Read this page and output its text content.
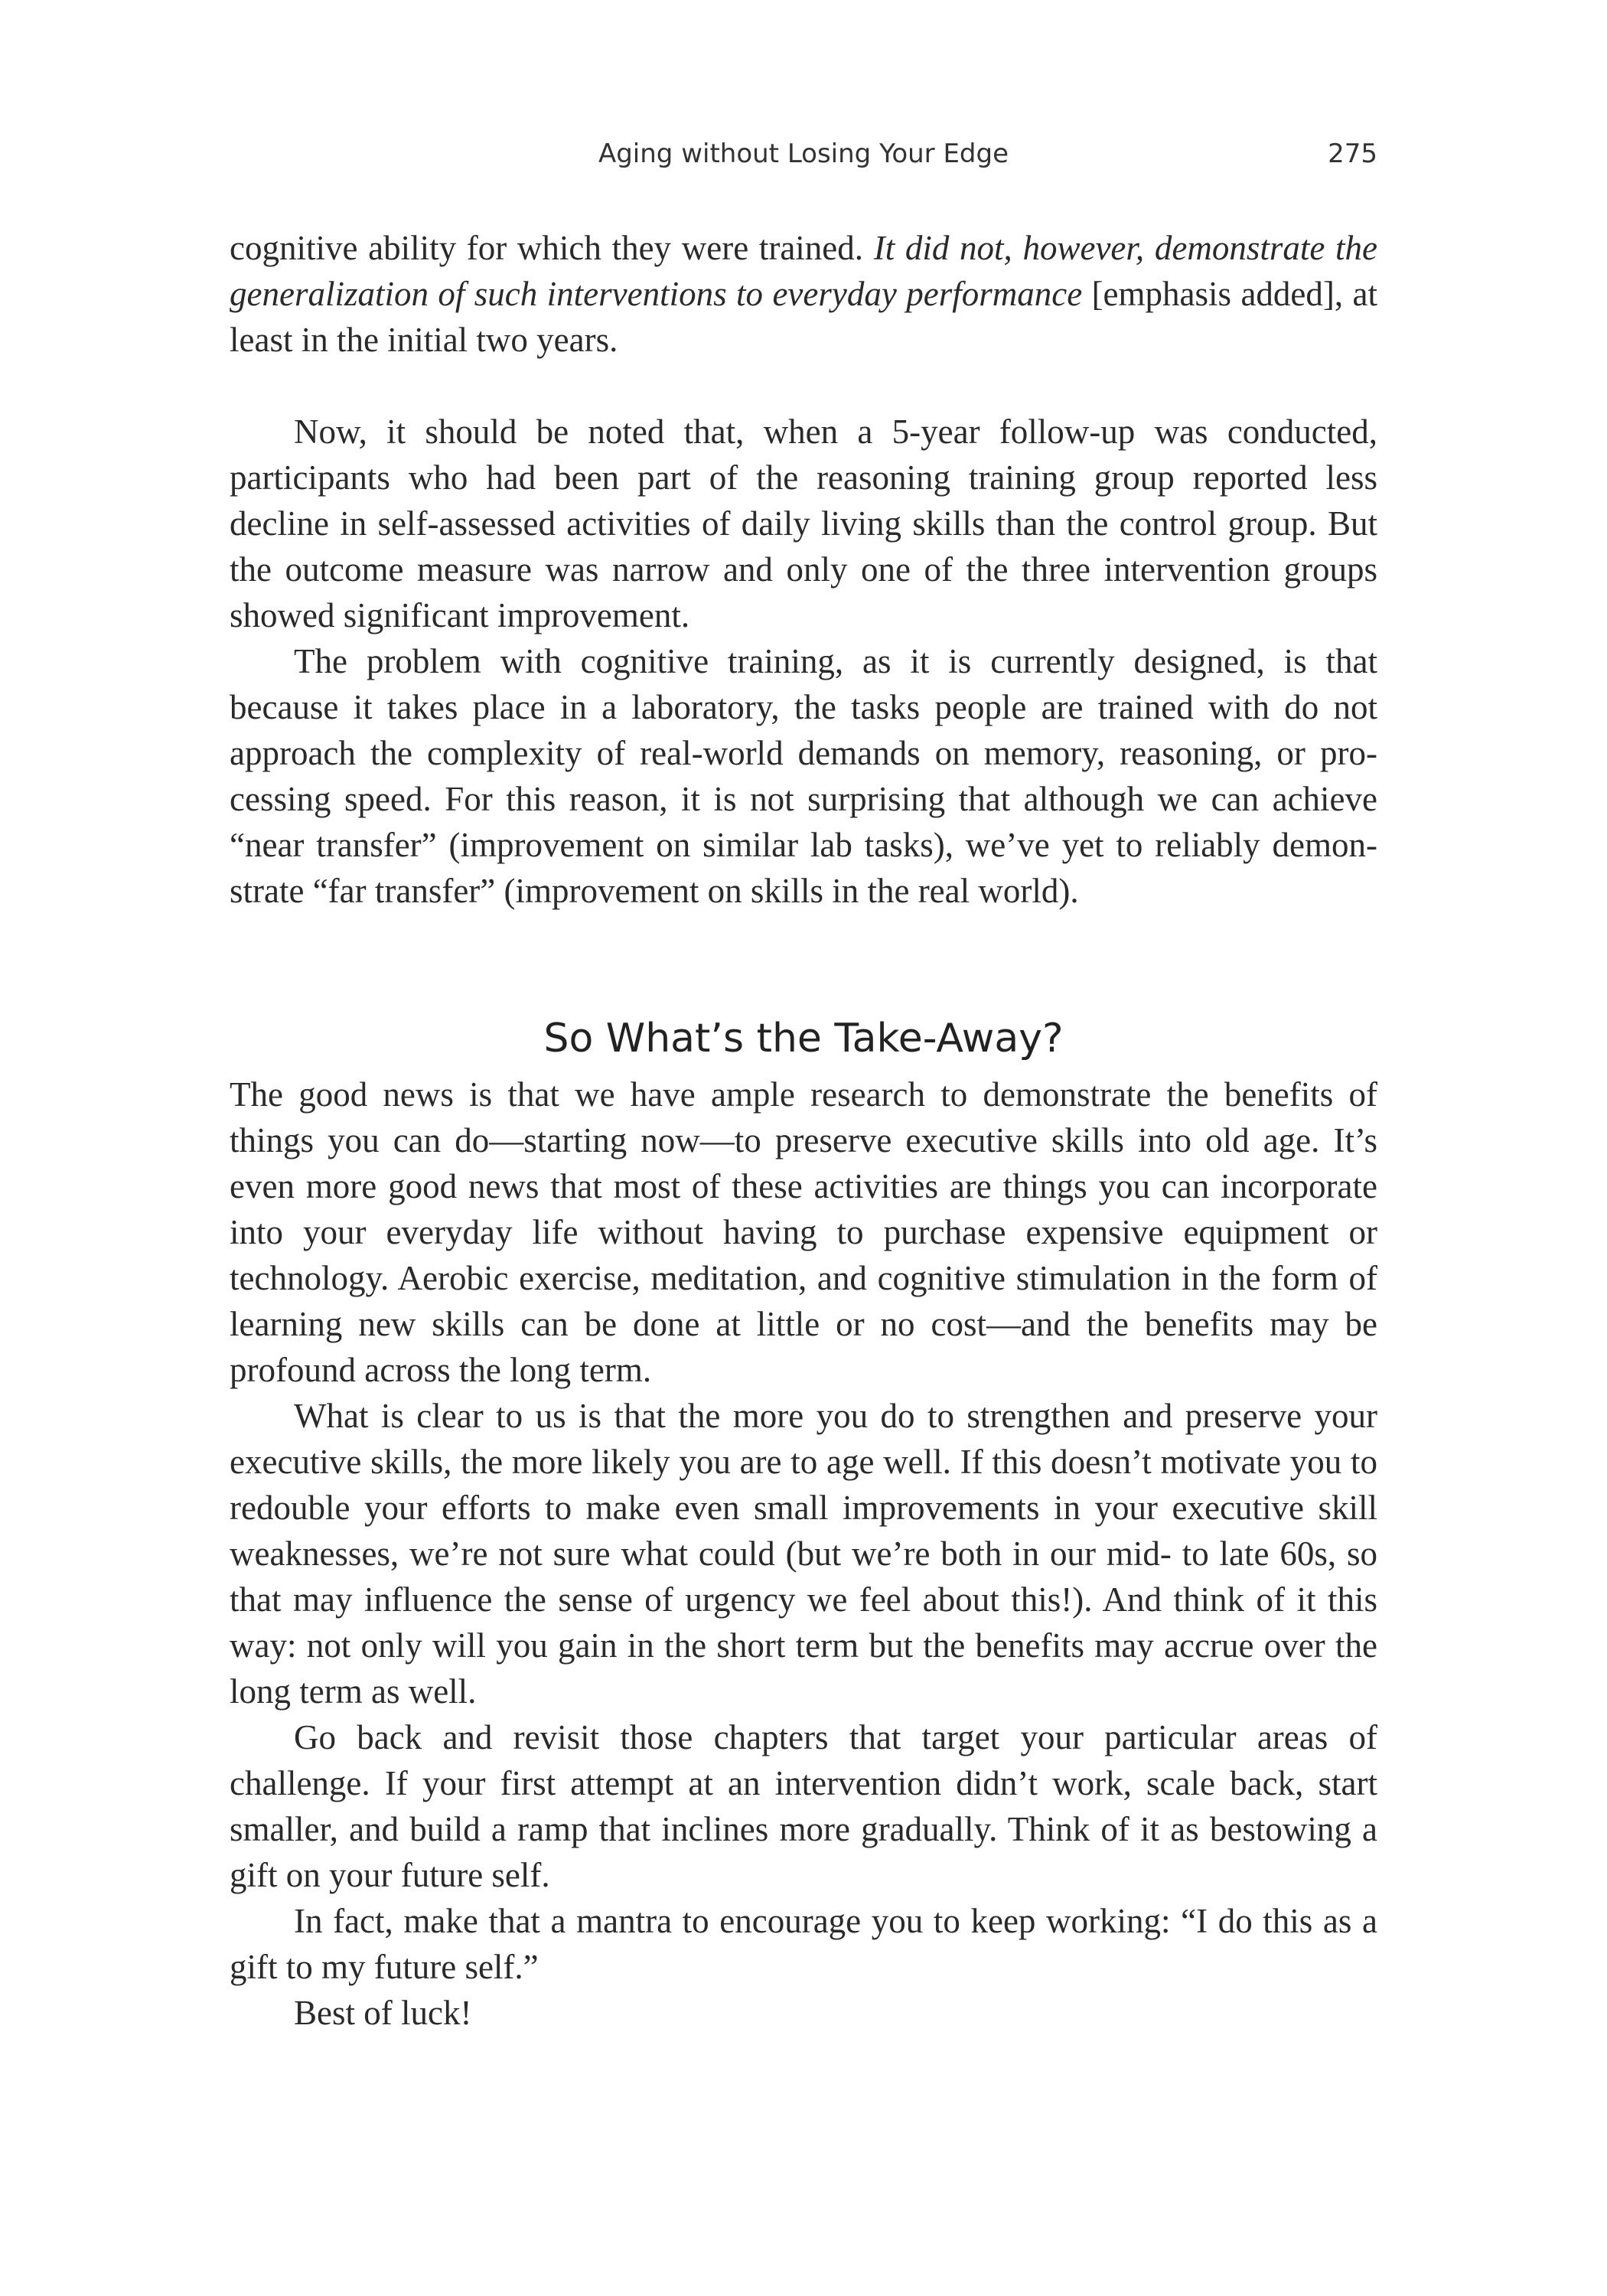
Aging without Losing Your Edge	275

cognitive ability for which they were trained. It did not, however, demonstrate the generalization of such interventions to everyday performance [emphasis added], at least in the initial two years.

Now, it should be noted that, when a 5-year follow-up was conducted, participants who had been part of the reasoning training group reported less decline in self-assessed activities of daily living skills than the control group. But the outcome measure was narrow and only one of the three intervention groups showed significant improvement.

The problem with cognitive training, as it is currently designed, is that because it takes place in a laboratory, the tasks people are trained with do not approach the complexity of real-world demands on memory, reasoning, or processing speed. For this reason, it is not surprising that although we can achieve “near transfer” (improvement on similar lab tasks), we’ve yet to reliably demonstrate “far transfer” (improvement on skills in the real world).

So What’s the Take-Away?

The good news is that we have ample research to demonstrate the benefits of things you can do—starting now—to preserve executive skills into old age. It’s even more good news that most of these activities are things you can incorporate into your everyday life without having to purchase expensive equipment or technology. Aerobic exercise, meditation, and cognitive stimulation in the form of learning new skills can be done at little or no cost—and the benefits may be profound across the long term.

What is clear to us is that the more you do to strengthen and preserve your executive skills, the more likely you are to age well. If this doesn’t motivate you to redouble your efforts to make even small improvements in your executive skill weaknesses, we’re not sure what could (but we’re both in our mid- to late 60s, so that may influence the sense of urgency we feel about this!). And think of it this way: not only will you gain in the short term but the benefits may accrue over the long term as well.

Go back and revisit those chapters that target your particular areas of challenge. If your first attempt at an intervention didn’t work, scale back, start smaller, and build a ramp that inclines more gradually. Think of it as bestowing a gift on your future self.

In fact, make that a mantra to encourage you to keep working: “I do this as a gift to my future self.”

Best of luck!
